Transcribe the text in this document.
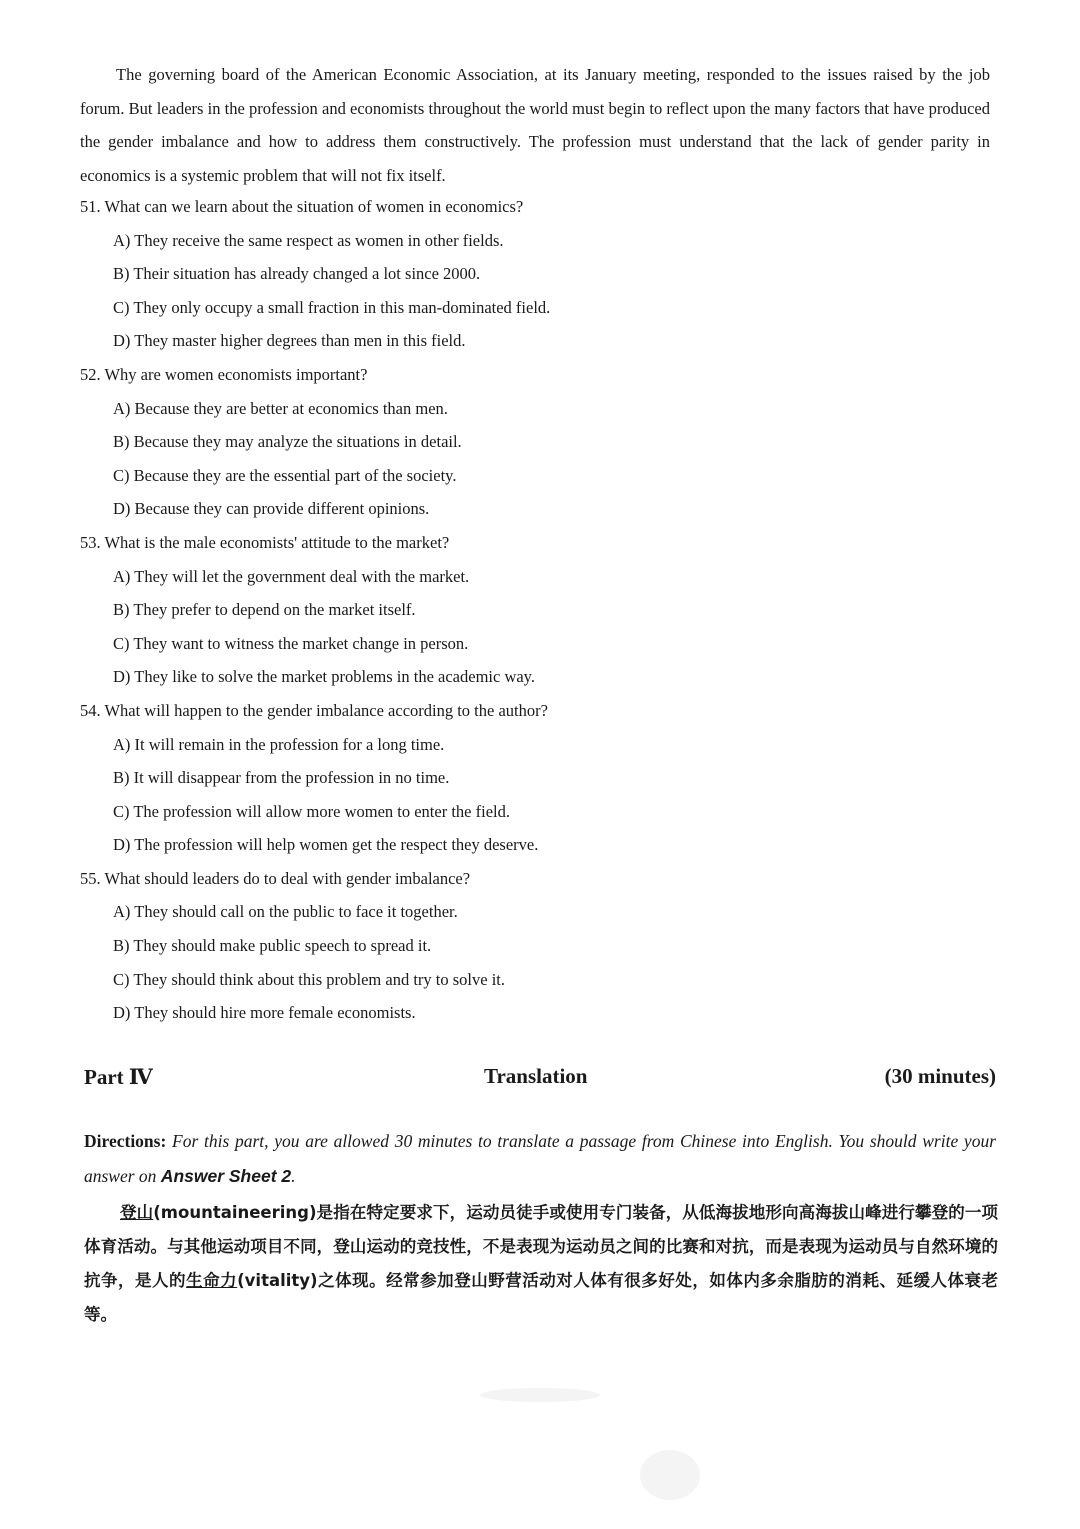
The governing board of the American Economic Association, at its January meeting, responded to the issues raised by the job forum. But leaders in the profession and economists throughout the world must begin to reflect upon the many factors that have produced the gender imbalance and how to address them constructively. The profession must understand that the lack of gender parity in economics is a systemic problem that will not fix itself.

51. What can we learn about the situation of women in economics?
A) They receive the same respect as women in other fields.
B) Their situation has already changed a lot since 2000.
C) They only occupy a small fraction in this man-dominated field.
D) They master higher degrees than men in this field.
52. Why are women economists important?
A) Because they are better at economics than men.
B) Because they may analyze the situations in detail.
C) Because they are the essential part of the society.
D) Because they can provide different opinions.
53. What is the male economists' attitude to the market?
A) They will let the government deal with the market.
B) They prefer to depend on the market itself.
C) They want to witness the market change in person.
D) They like to solve the market problems in the academic way.
54. What will happen to the gender imbalance according to the author?
A) It will remain in the profession for a long time.
B) It will disappear from the profession in no time.
C) The profession will allow more women to enter the field.
D) The profession will help women get the respect they deserve.
55. What should leaders do to deal with gender imbalance?
A) They should call on the public to face it together.
B) They should make public speech to spread it.
C) They should think about this problem and try to solve it.
D) They should hire more female economists.
Part Ⅳ	Translation	(30 minutes)

Directions: For this part, you are allowed 30 minutes to translate a passage from Chinese into English. You should write your answer on Answer Sheet 2.

登山(mountaineering)是指在特定要求下，运动员徒手或使用专门装备，从低海拔地形向高海拔山峰进行攀登的一项体育活动。与其他运动项目不同，登山运动的竞技性，不是表现为运动员之间的比赛和对抗，而是表现为运动员与自然环境的抗争，是人的生命力(vitality)之体现。经常参加登山野营活动对人体有很多好处，如体内多余脂肪的消耗、延缓人体衰老等。
